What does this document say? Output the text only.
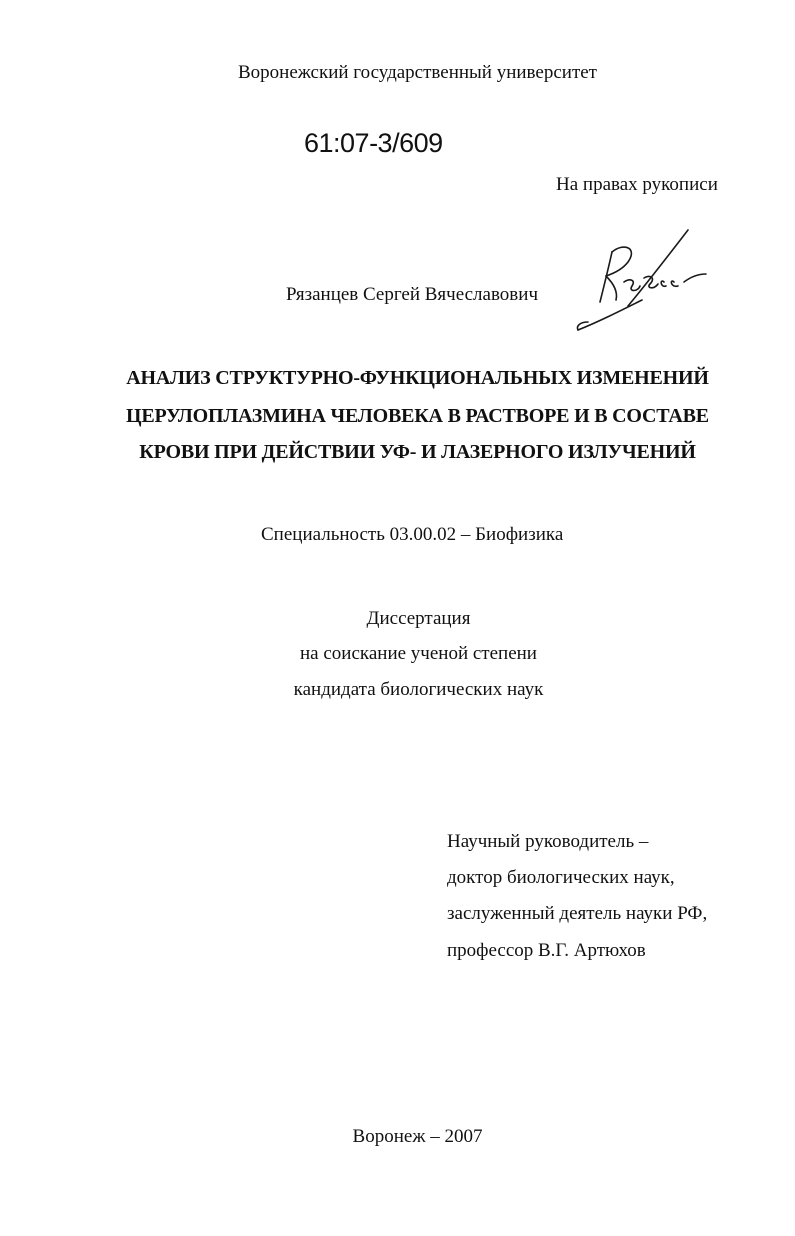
Воронежский государственный университет
61:07-3/609
На правах рукописи
Рязанцев Сергей Вячеславович
АНАЛИЗ СТРУКТУРНО-ФУНКЦИОНАЛЬНЫХ ИЗМЕНЕНИЙ
ЦЕРУЛОПЛАЗМИНА ЧЕЛОВЕКА В РАСТВОРЕ И В СОСТАВЕ
КРОВИ ПРИ ДЕЙСТВИИ УФ- И ЛАЗЕРНОГО ИЗЛУЧЕНИЙ
Специальность 03.00.02 – Биофизика
Диссертация
на соискание ученой степени
кандидата биологических наук
Научный руководитель –
доктор биологических наук,
заслуженный деятель науки РФ,
профессор В.Г. Артюхов
Воронеж – 2007
